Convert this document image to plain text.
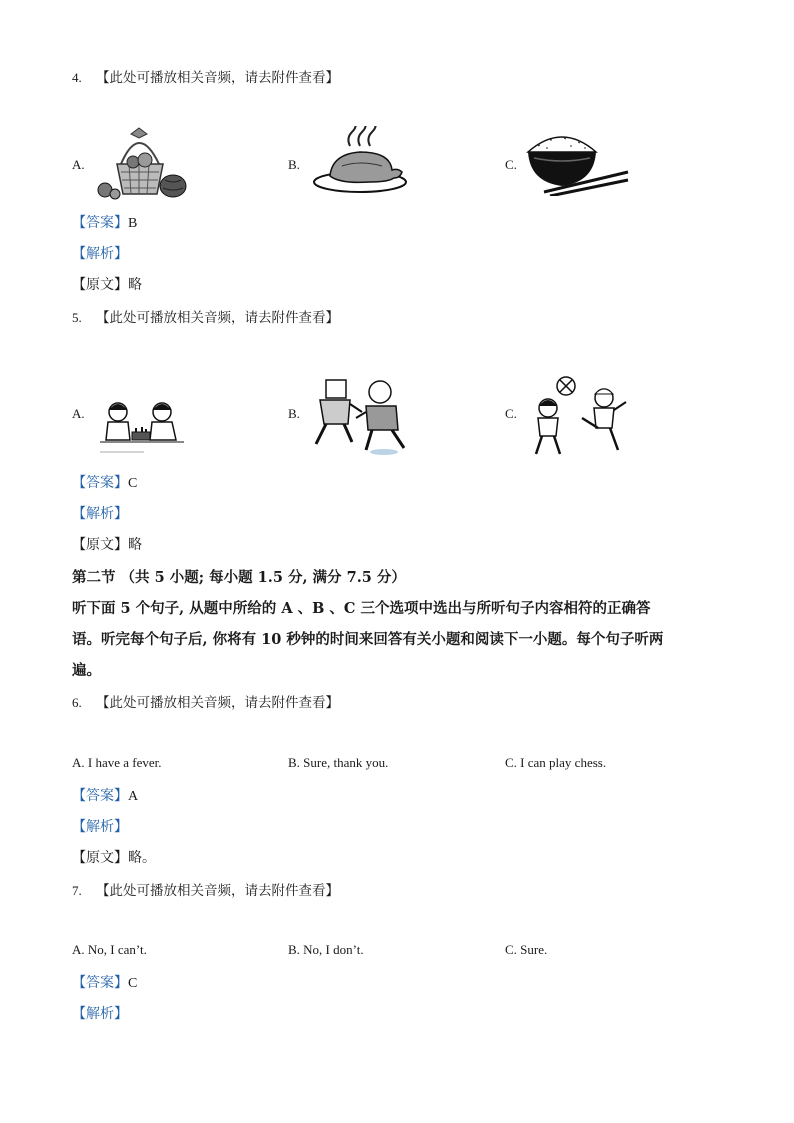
4. 【此处可播放相关音频，请去附件查看】
A.	B.	C.
【答案】B
【解析】
【原文】略
5. 【此处可播放相关音频，请去附件查看】
A.	B.	C.
【答案】C
【解析】
【原文】略
第二节 （共 5 小题; 每小题 1.5 分, 满分 7.5 分）
听下面 5 个句子, 从题中所给的 A 、B 、C 三个选项中选出与所听句子内容相符的正确答
语。听完每个句子后, 你将有 10 秒钟的时间来回答有关小题和阅读下一小题。每个句子听两
遍。
6. 【此处可播放相关音频，请去附件查看】
A. I have a fever.	B. Sure, thank you.	C. I can play chess.
【答案】A
【解析】
【原文】略。
7. 【此处可播放相关音频，请去附件查看】
A. No, I can’t.	B. No, I don’t.	C. Sure.
【答案】C
【解析】
